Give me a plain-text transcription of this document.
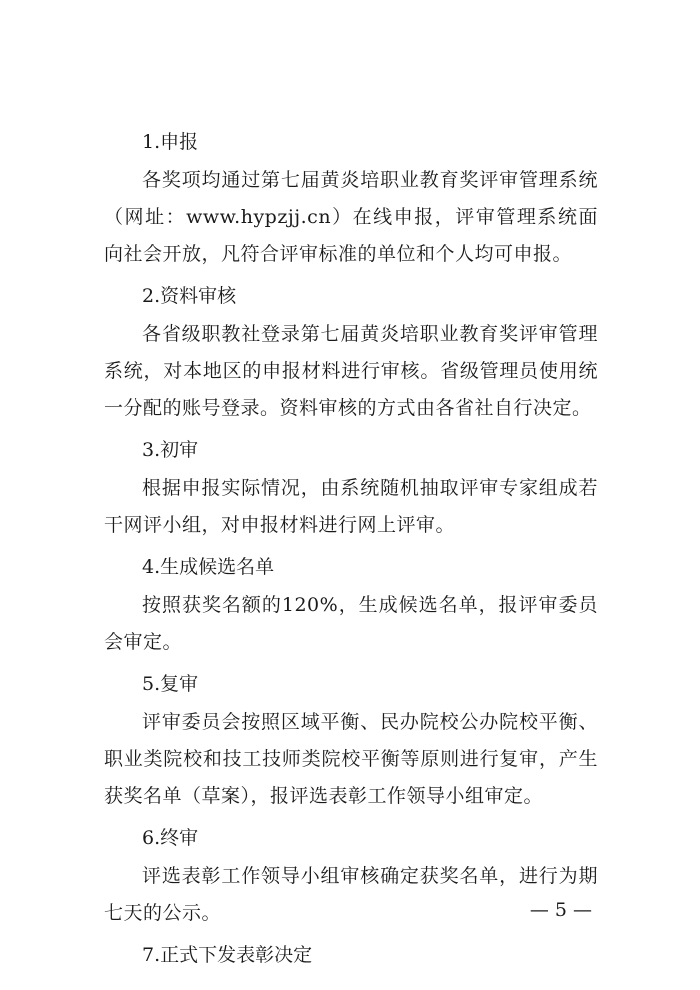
1.申报

各奖项均通过第七届黄炎培职业教育奖评审管理系统（网址：www.hypzjj.cn）在线申报，评审管理系统面向社会开放，凡符合评审标准的单位和个人均可申报。

2.资料审核

各省级职教社登录第七届黄炎培职业教育奖评审管理系统，对本地区的申报材料进行审核。省级管理员使用统一分配的账号登录。资料审核的方式由各省社自行决定。

3.初审

根据申报实际情况，由系统随机抽取评审专家组成若干网评小组，对申报材料进行网上评审。

4.生成候选名单

按照获奖名额的120%，生成候选名单，报评审委员会审定。

5.复审

评审委员会按照区域平衡、民办院校公办院校平衡、职业类院校和技工技师类院校平衡等原则进行复审，产生获奖名单（草案），报评选表彰工作领导小组审定。

6.终审

评选表彰工作领导小组审核确定获奖名单，进行为期七天的公示。

7.正式下发表彰决定

— 5 —
